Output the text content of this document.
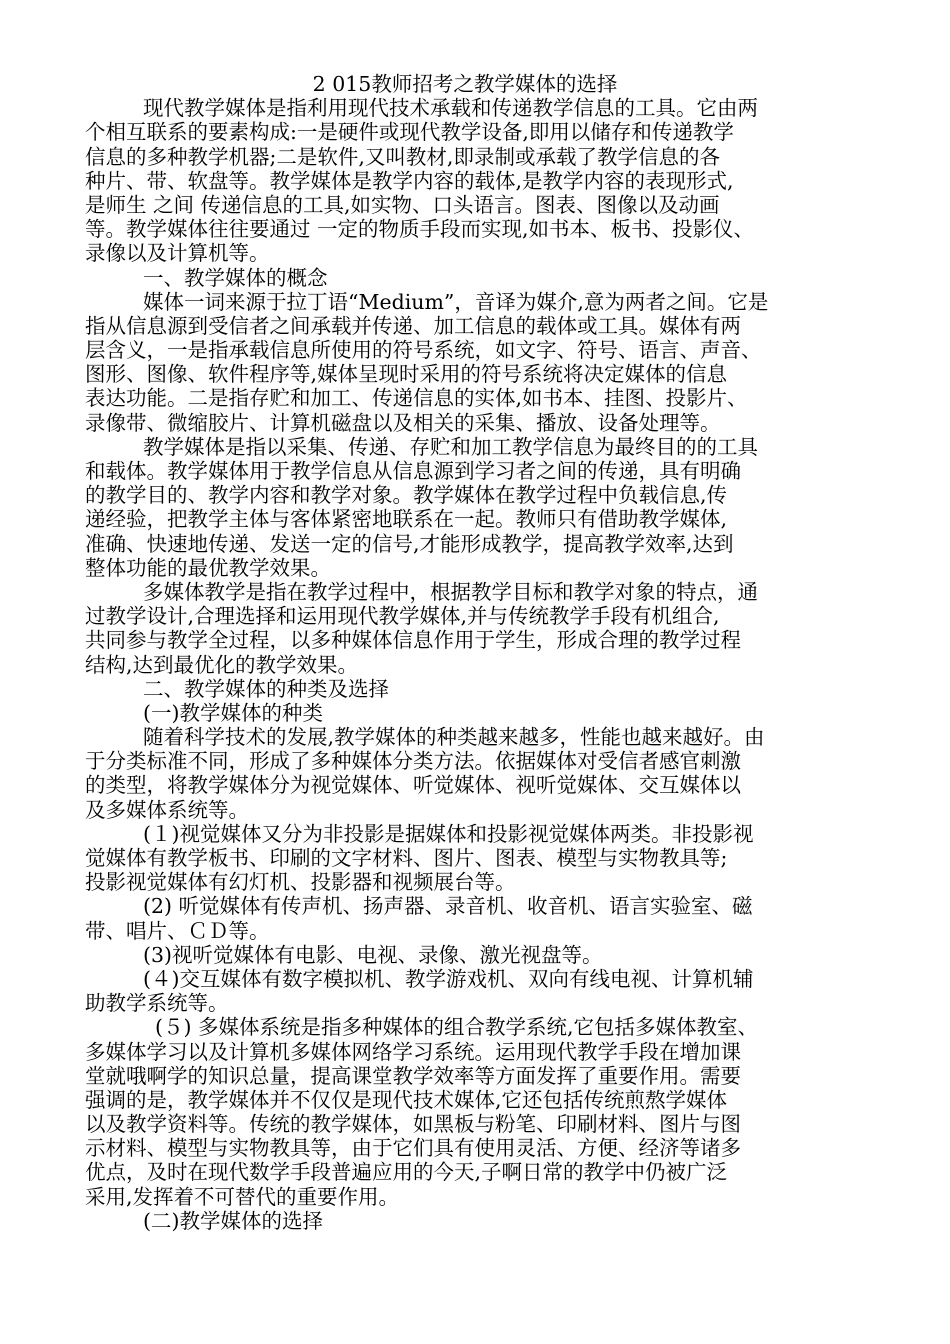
2 015教师招考之教学媒体的选择

现代教学媒体是指利用现代技术承载和传递教学信息的工具。它由两

个相互联系的要素构成:一是硬件或现代教学设备,即用以储存和传递教学

信息的多种教学机器;二是软件,又叫教材,即录制或承载了教学信息的各

种片、带、软盘等。教学媒体是教学内容的载体,是教学内容的表现形式,

是师生 之间 传递信息的工具,如实物、口头语言。图表、图像以及动画

等。教学媒体往往要通过 一定的物质手段而实现,如书本、板书、投影仪、

录像以及计算机等。

一、教学媒体的概念

媒体一词来源于拉丁语“Medium”，音译为媒介,意为两者之间。它是

指从信息源到受信者之间承载并传递、加工信息的载体或工具。媒体有两

层含义，一是指承载信息所使用的符号系统，如文字、符号、语言、声音、

图形、图像、软件程序等,媒体呈现时采用的符号系统将决定媒体的信息

表达功能。二是指存贮和加工、传递信息的实体,如书本、挂图、投影片、

录像带、微缩胶片、计算机磁盘以及相关的采集、播放、设备处理等。

教学媒体是指以采集、传递、存贮和加工教学信息为最终目的的工具

和载体。教学媒体用于教学信息从信息源到学习者之间的传递，具有明确

的教学目的、教学内容和教学对象。教学媒体在教学过程中负载信息,传

递经验，把教学主体与客体紧密地联系在一起。教师只有借助教学媒体,

准确、快速地传递、发送一定的信号,才能形成教学，提高教学效率,达到

整体功能的最优教学效果。

多媒体教学是指在教学过程中，根据教学目标和教学对象的特点，通

过教学设计,合理选择和运用现代教学媒体,并与传统教学手段有机组合,

共同参与教学全过程，以多种媒体信息作用于学生，形成合理的教学过程

结构,达到最优化的教学效果。

二、教学媒体的种类及选择

(一)教学媒体的种类

随着科学技术的发展,教学媒体的种类越来越多，性能也越来越好。由

于分类标准不同，形成了多种媒体分类方法。依据媒体对受信者感官刺激

的类型，将教学媒体分为视觉媒体、听觉媒体、视听觉媒体、交互媒体以

及多媒体系统等。

(１)视觉媒体又分为非投影是据媒体和投影视觉媒体两类。非投影视

觉媒体有教学板书、印刷的文字材料、图片、图表、模型与实物教具等;

投影视觉媒体有幻灯机、投影器和视频展台等。

(2) 听觉媒体有传声机、扬声器、录音机、收音机、语言实验室、磁

带、唱片、ＣＤ等。

(3)视听觉媒体有电影、电视、录像、激光视盘等。

(４)交互媒体有数字模拟机、教学游戏机、双向有线电视、计算机辅

助教学系统等。

(５) 多媒体系统是指多种媒体的组合教学系统,它包括多媒体教室、

多媒体学习以及计算机多媒体网络学习系统。运用现代教学手段在增加课

堂就哦啊学的知识总量，提高课堂教学效率等方面发挥了重要作用。需要

强调的是，教学媒体并不仅仅是现代技术媒体,它还包括传统煎熬学媒体

以及教学资料等。传统的教学媒体，如黑板与粉笔、印刷材料、图片与图

示材料、模型与实物教具等，由于它们具有使用灵活、方便、经济等诸多

优点，及时在现代数学手段普遍应用的今天,子啊日常的教学中仍被广泛

采用,发挥着不可替代的重要作用。

(二)教学媒体的选择
